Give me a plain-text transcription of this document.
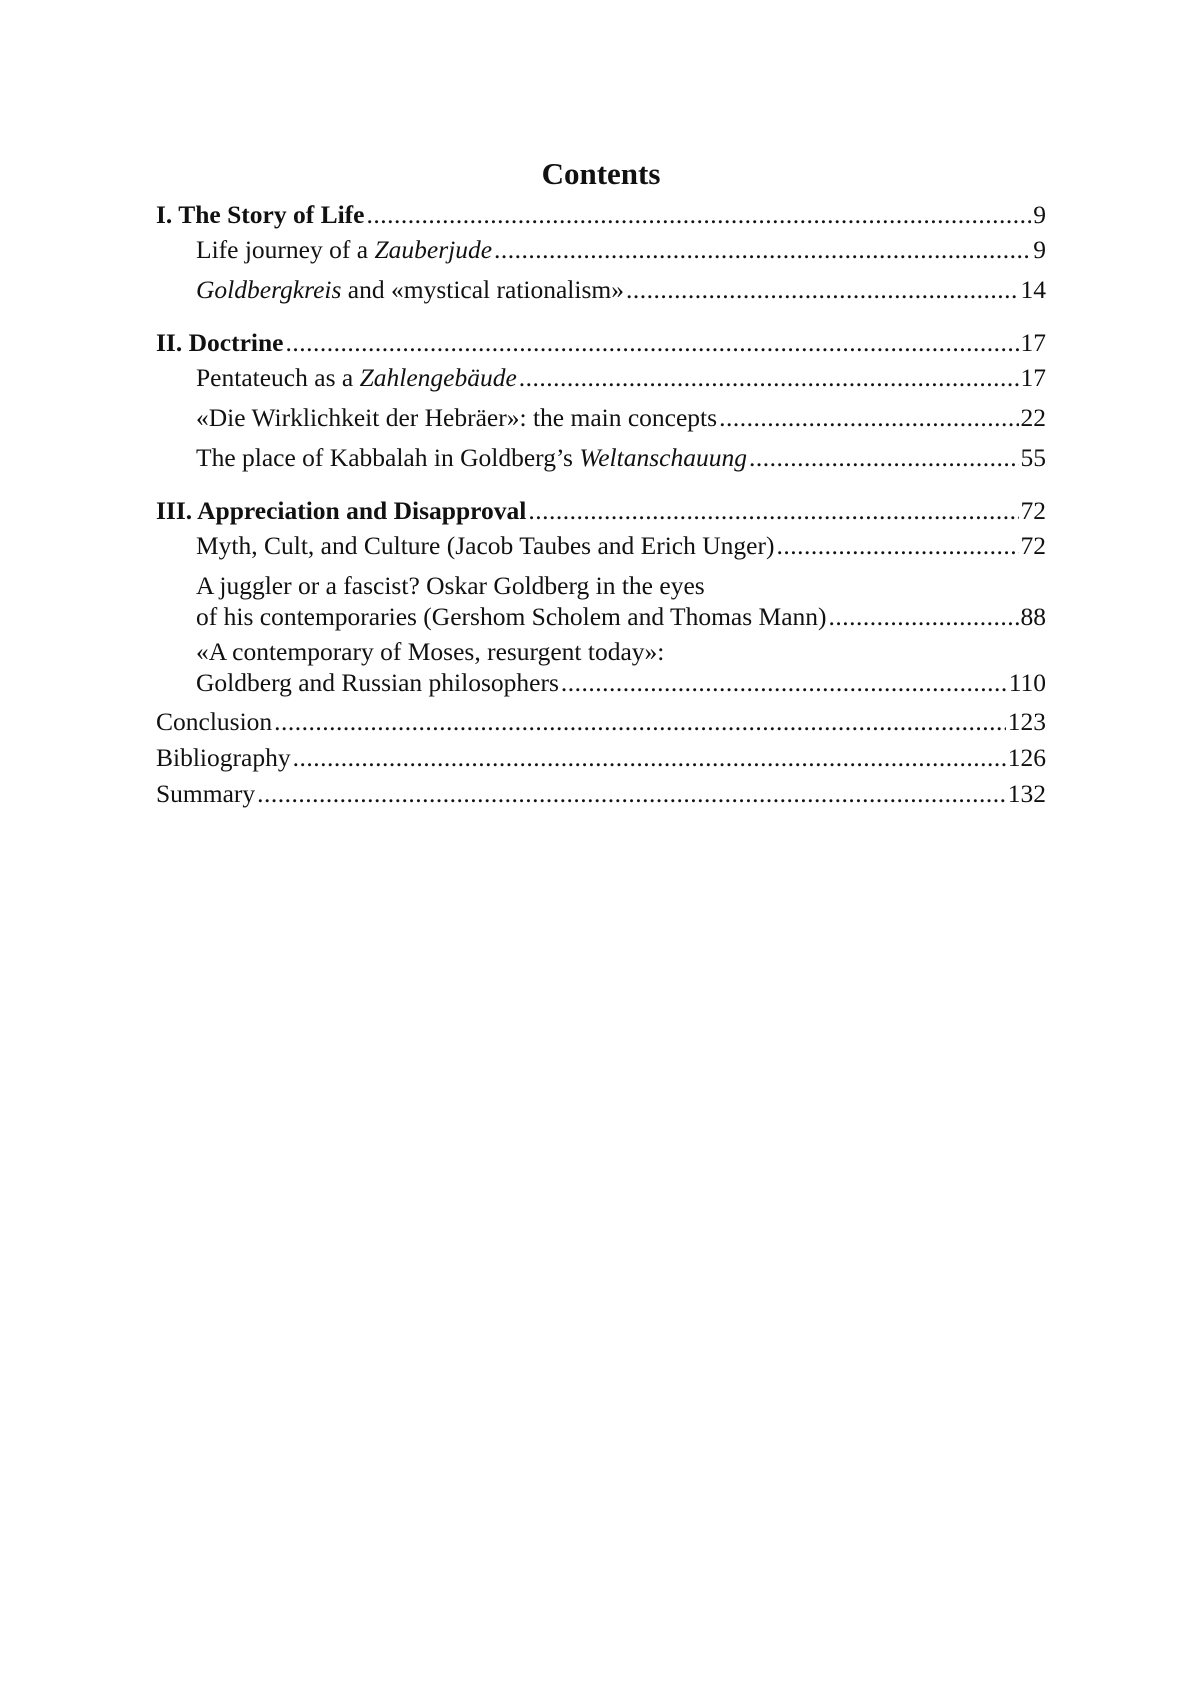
Contents
I. The Story of Life .....	9
Life journey of a Zauberjude .....	9
Goldbergkreis and «mystical rationalism» .....	14
II. Doctrine .....	17
Pentateuch as a Zahlengebäude .....	17
«Die Wirklichkeit der Hebräer»: the main concepts .....	22
The place of Kabbalah in Goldberg’s Weltanschauung .....	55
III. Appreciation and Disapproval .....	72
Myth, Cult, and Culture (Jacob Taubes and Erich Unger) .....	72
A juggler or a fascist? Oskar Goldberg in the eyes
of his contemporaries (Gershom Scholem and Thomas Mann) .....	88
«A contemporary of Moses, resurgent today»:
Goldberg and Russian philosophers .....	110
Conclusion .....	123
Bibliography .....	126
Summary .....	132
